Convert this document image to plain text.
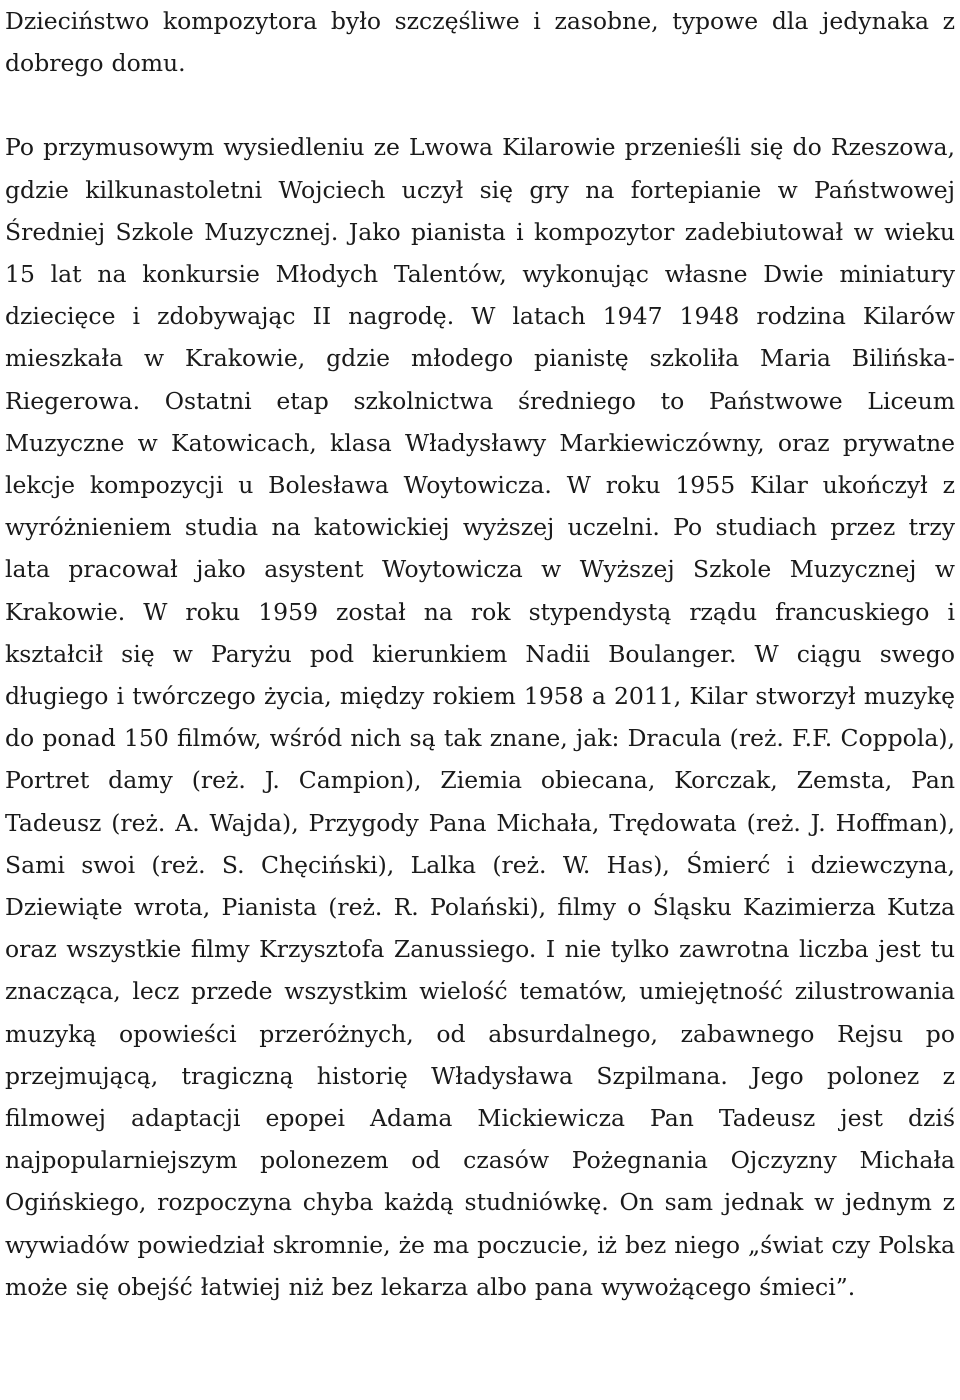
Dzieciństwo kompozytora było szczęśliwe i zasobne, typowe dla jedynaka z dobrego domu.

Po przymusowym wysiedleniu ze Lwowa Kilarowie przenieśli się do Rzeszowa, gdzie kilkunastoletni Wojciech uczył się gry na fortepianie w Państwowej Średniej Szkole Muzycznej. Jako pianista i kompozytor zadebiutował w wieku 15 lat na konkursie Młodych Talentów, wykonując własne Dwie miniatury dziecięce i zdobywając II nagrodę. W latach 1947 1948 rodzina Kilarów mieszkała w Krakowie, gdzie młodego pianistę szkoliła Maria Bilińska-Riegerowa. Ostatni etap szkolnictwa średniego to Państwowe Liceum Muzyczne w Katowicach, klasa Władysławy Markiewiczówny, oraz prywatne lekcje kompozycji u Bolesława Woytowicza. W roku 1955 Kilar ukończył z wyróżnieniem studia na katowickiej wyższej uczelni. Po studiach przez trzy lata pracował jako asystent Woytowicza w Wyższej Szkole Muzycznej w Krakowie. W roku 1959 został na rok stypendystą rządu francuskiego i kształcił się w Paryżu pod kierunkiem Nadii Boulanger. W ciągu swego długiego i twórczego życia, między rokiem 1958 a 2011, Kilar stworzył muzykę do ponad 150 filmów, wśród nich są tak znane, jak: Dracula (reż. F.F. Coppola), Portret damy (reż. J. Campion), Ziemia obiecana, Korczak, Zemsta, Pan Tadeusz (reż. A. Wajda), Przygody Pana Michała, Trędowata (reż. J. Hoffman), Sami swoi (reż. S. Chęciński), Lalka (reż. W. Has), Śmierć i dziewczyna, Dziewiąte wrota, Pianista (reż. R. Polański), filmy o Śląsku Kazimierza Kutza oraz wszystkie filmy Krzysztofa Zanussiego. I nie tylko zawrotna liczba jest tu znacząca, lecz przede wszystkim wielość tematów, umiejętność zilustrowania muzyką opowieści przeróżnych, od absurdalnego, zabawnego Rejsu po przejmującą, tragiczną historię Władysława Szpilmana. Jego polonez z filmowej adaptacji epopei Adama Mickiewicza Pan Tadeusz jest dziś najpopularniejszym polonezem od czasów Pożegnania Ojczyzny Michała Ogińskiego, rozpoczyna chyba każdą studniówkę. On sam jednak w jednym z wywiadów powiedział skromnie, że ma poczucie, iż bez niego „świat czy Polska może się obejść łatwiej niż bez lekarza albo pana wywożącego śmieci”.
